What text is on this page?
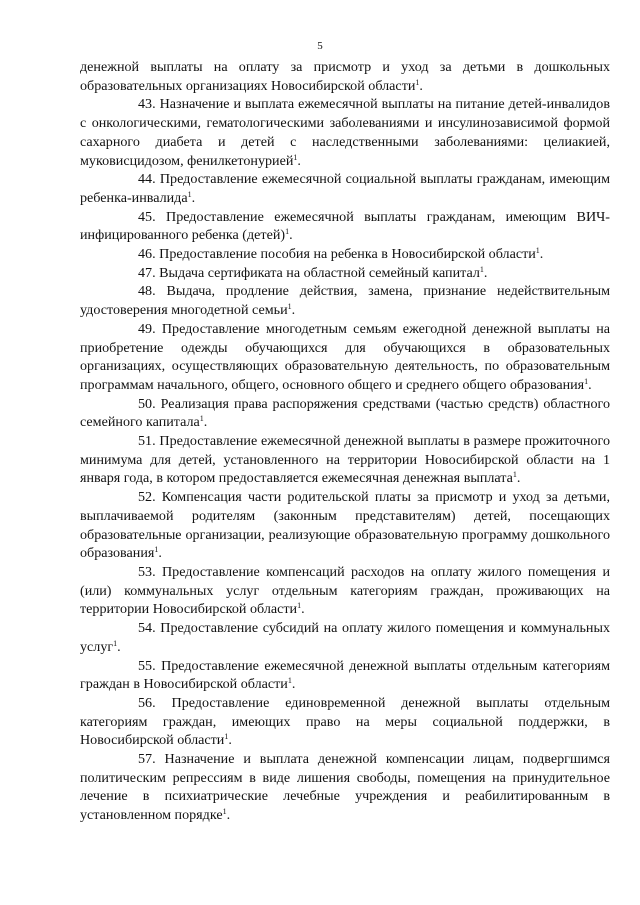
5

денежной выплаты на оплату за присмотр и уход за детьми в дошкольных образовательных организациях Новосибирской области$^1$.

43. Назначение и выплата ежемесячной выплаты на питание детей-инвалидов с онкологическими, гематологическими заболеваниями и инсулинозависимой формой сахарного диабета и детей с наследственными заболеваниями: целиакией, муковисцидозом, фенилкетонурией$^1$.

44. Предоставление ежемесячной социальной выплаты гражданам, имеющим ребенка-инвалида$^1$.

45. Предоставление ежемесячной выплаты гражданам, имеющим ВИЧ-инфицированного ребенка (детей)$^1$.

46. Предоставление пособия на ребенка в Новосибирской области$^1$.

47. Выдача сертификата на областной семейный капитал$^1$.

48. Выдача, продление действия, замена, признание недействительным удостоверения многодетной семьи$^1$.

49. Предоставление многодетным семьям ежегодной денежной выплаты на приобретение одежды обучающихся для обучающихся в образовательных организациях, осуществляющих образовательную деятельность, по образовательным программам начального, общего, основного общего и среднего общего образования$^1$.

50. Реализация права распоряжения средствами (частью средств) областного семейного капитала$^1$.

51. Предоставление ежемесячной денежной выплаты в размере прожиточного минимума для детей, установленного на территории Новосибирской области на 1 января года, в котором предоставляется ежемесячная денежная выплата$^1$.

52. Компенсация части родительской платы за присмотр и уход за детьми, выплачиваемой родителям (законным представителям) детей, посещающих образовательные организации, реализующие образовательную программу дошкольного образования$^1$.

53. Предоставление компенсаций расходов на оплату жилого помещения и (или) коммунальных услуг отдельным категориям граждан, проживающих на территории Новосибирской области$^1$.

54. Предоставление субсидий на оплату жилого помещения и коммунальных услуг$^1$.

55. Предоставление ежемесячной денежной выплаты отдельным категориям граждан в Новосибирской области$^1$.

56. Предоставление единовременной денежной выплаты отдельным категориям граждан, имеющих право на меры социальной поддержки, в Новосибирской области$^1$.

57. Назначение и выплата денежной компенсации лицам, подвергшимся политическим репрессиям в виде лишения свободы, помещения на принудительное лечение в психиатрические лечебные учреждения и реабилитированным в установленном порядке$^1$.
